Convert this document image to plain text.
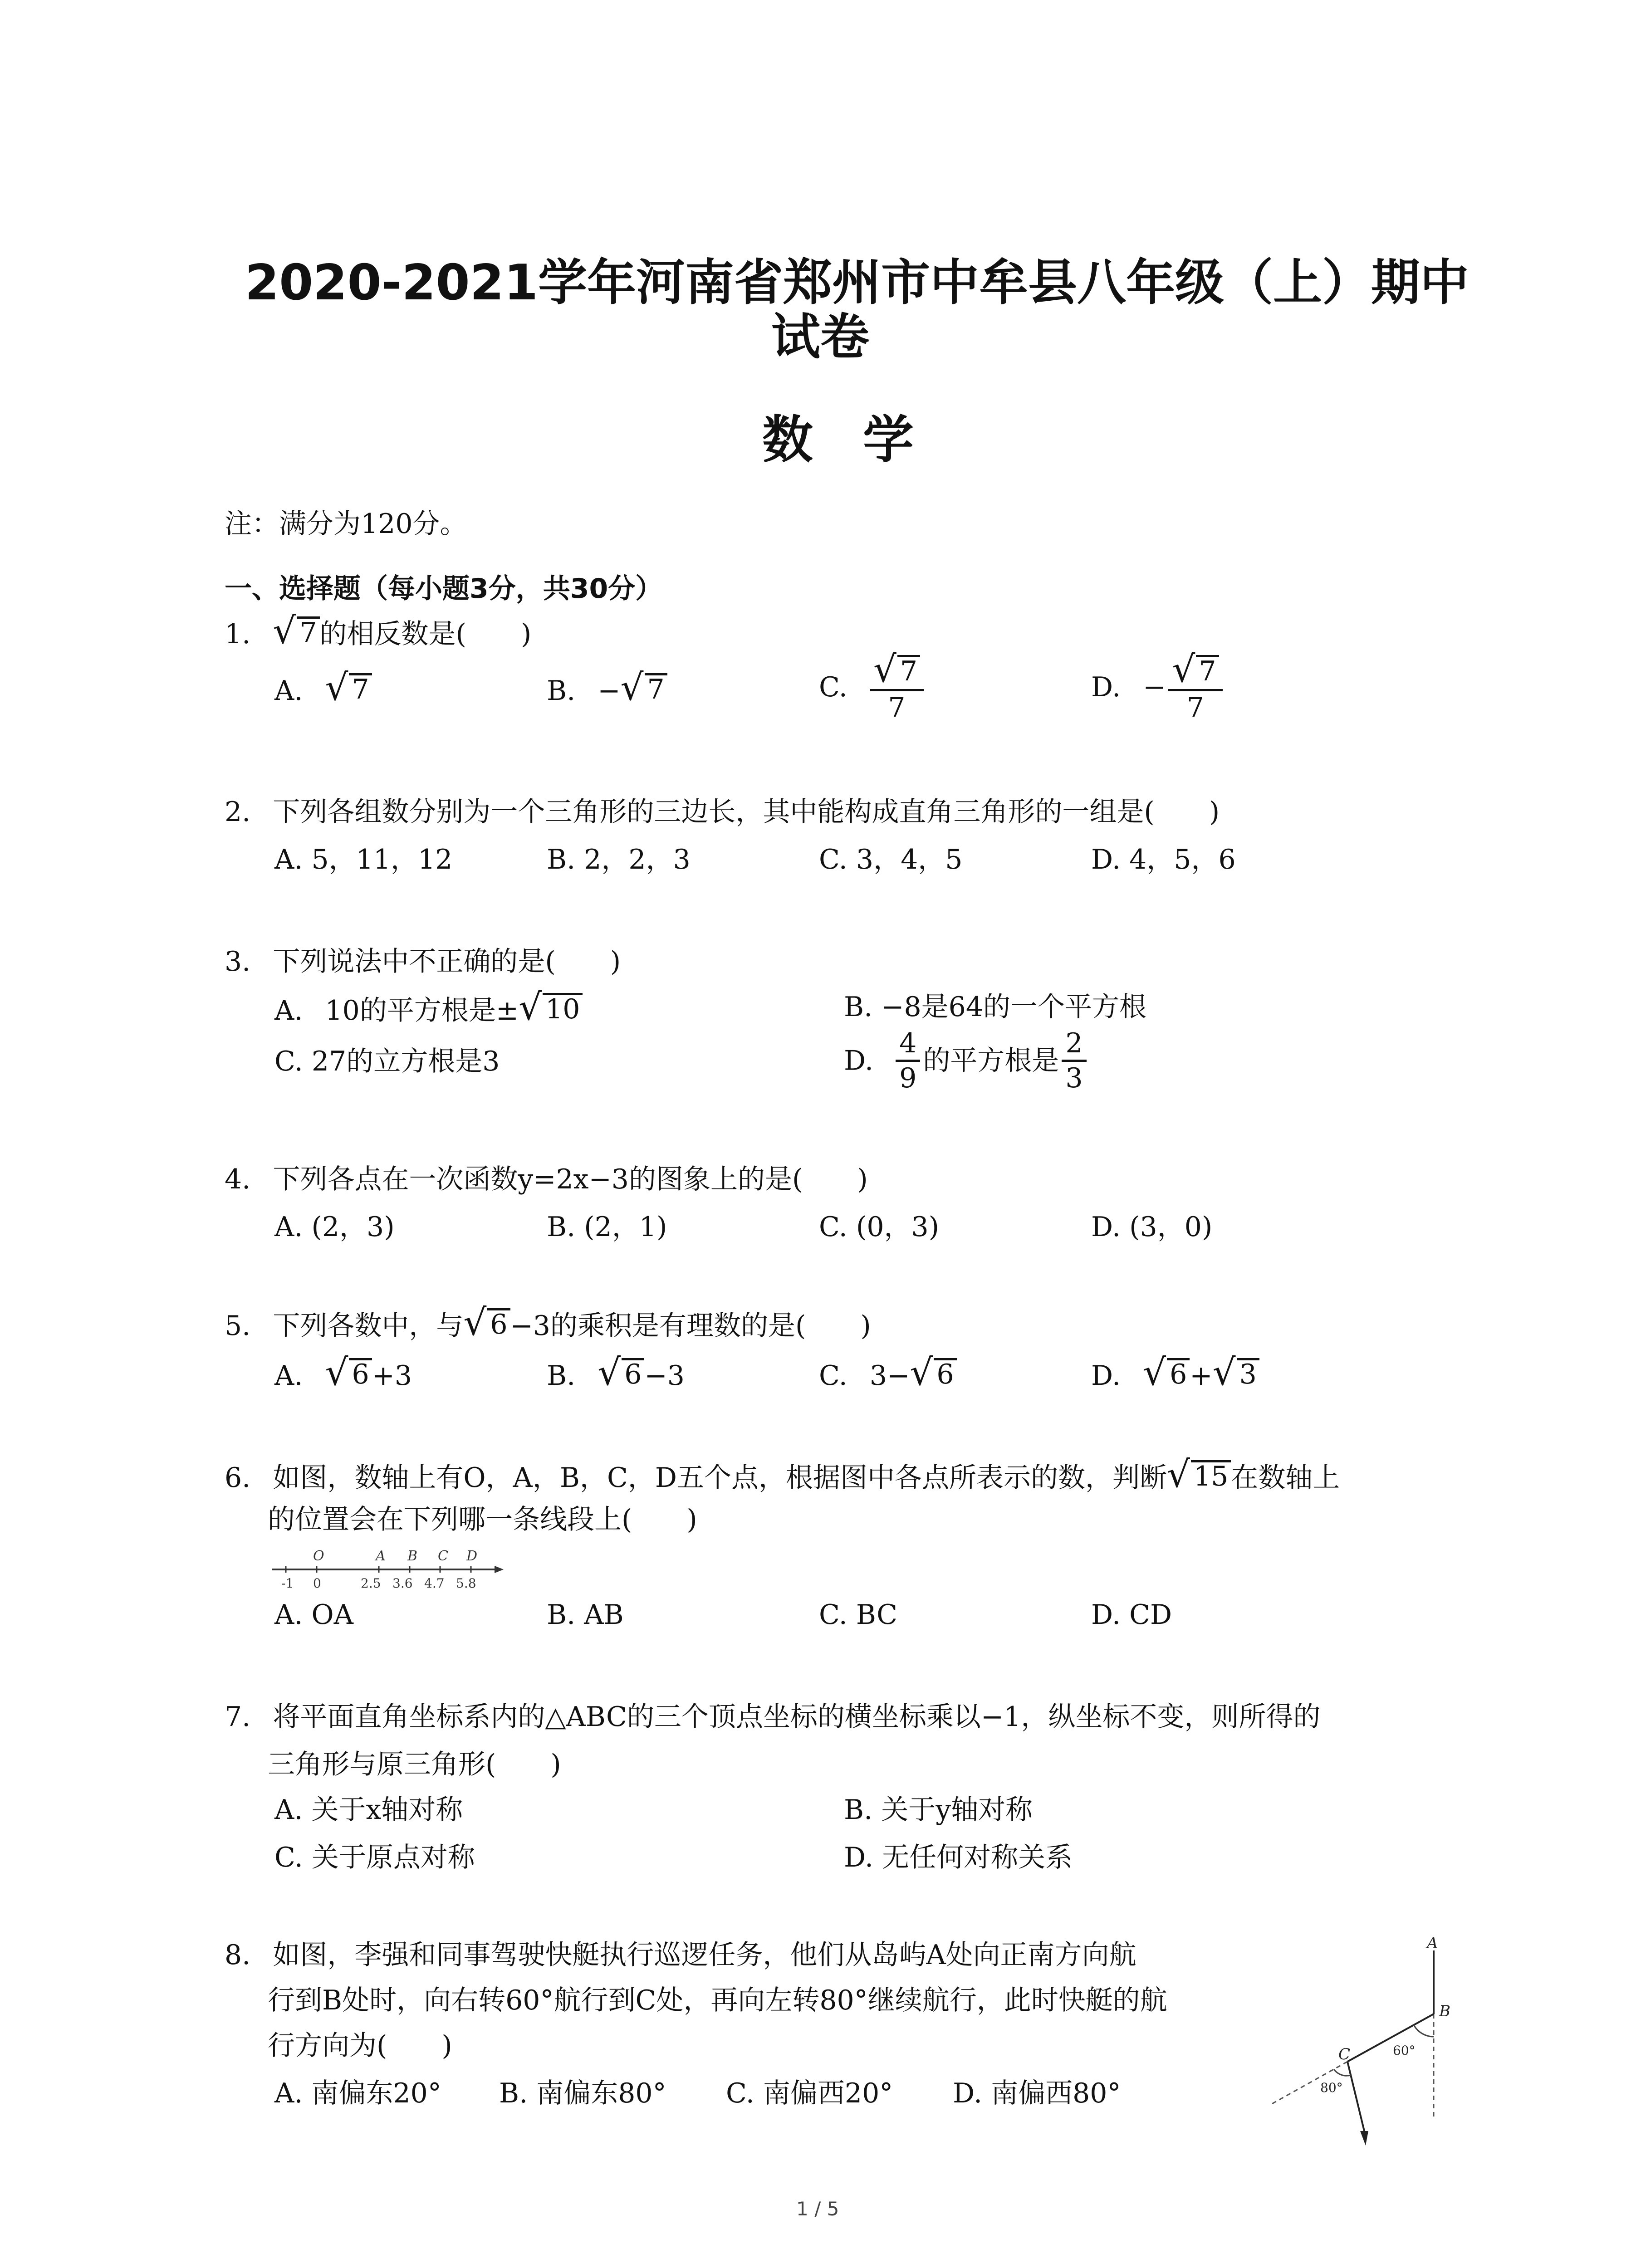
2020-2021学年河南省郑州市中牟县八年级（上）期中
试卷
数学
注：满分为120分。
一、选择题（每小题3分，共30分）
1. √ 7 的相反数是( )
A. √ 7	B. − √ 7	C. $\frac{√ 7}{7}$	D. − $\frac{√ 7}{7}$
2. 下列各组数分别为一个三角形的三边长，其中能构成直角三角形的一组是( )
A. 5，11，12	B. 2，2，3	C. 3，4，5	D. 4，5，6
3. 下列说法中不正确的是( )
A. 10的平方根是± √ 10	B. −8是64的一个平方根
C. 27的立方根是3	D. $\frac{4}{9}$ 的平方根是 $\frac{2}{3}$
4. 下列各点在一次函数y=2x−3的图象上的是( )
A. (2，3)	B. (2，1)	C. (0，3)	D. (3，0)
5. 下列各数中，与 √ 6 −3的乘积是有理数的是( )
A. √ 6 +3	B. √ 6 −3	C. 3− √ 6	D. √ 6 + √ 3
6. 如图，数轴上有O，A，B，C，D五个点，根据图中各点所表示的数，判断 √ 15 在数轴上
的位置会在下列哪一条线段上( )
O	A B C D
-1 0	2.5 3.6 4.7 5.8
A. OA	B. AB	C. BC	D. CD
7. 将平面直角坐标系内的△ABC的三个顶点坐标的横坐标乘以−1，纵坐标不变，则所得的
三角形与原三角形( )
A. 关于x轴对称	B. 关于y轴对称
C. 关于原点对称	D. 无任何对称关系
8. 如图，李强和同事驾驶快艇执行巡逻任务，他们从岛屿A处向正南方向航
行到B处时，向右转60°航行到C处，再向左转80°继续航行，此时快艇的航
行方向为( )
A. 南偏东20° B. 南偏东80° C. 南偏西20° D. 南偏西80°
A
B
C	60°
80°
1 / 5
